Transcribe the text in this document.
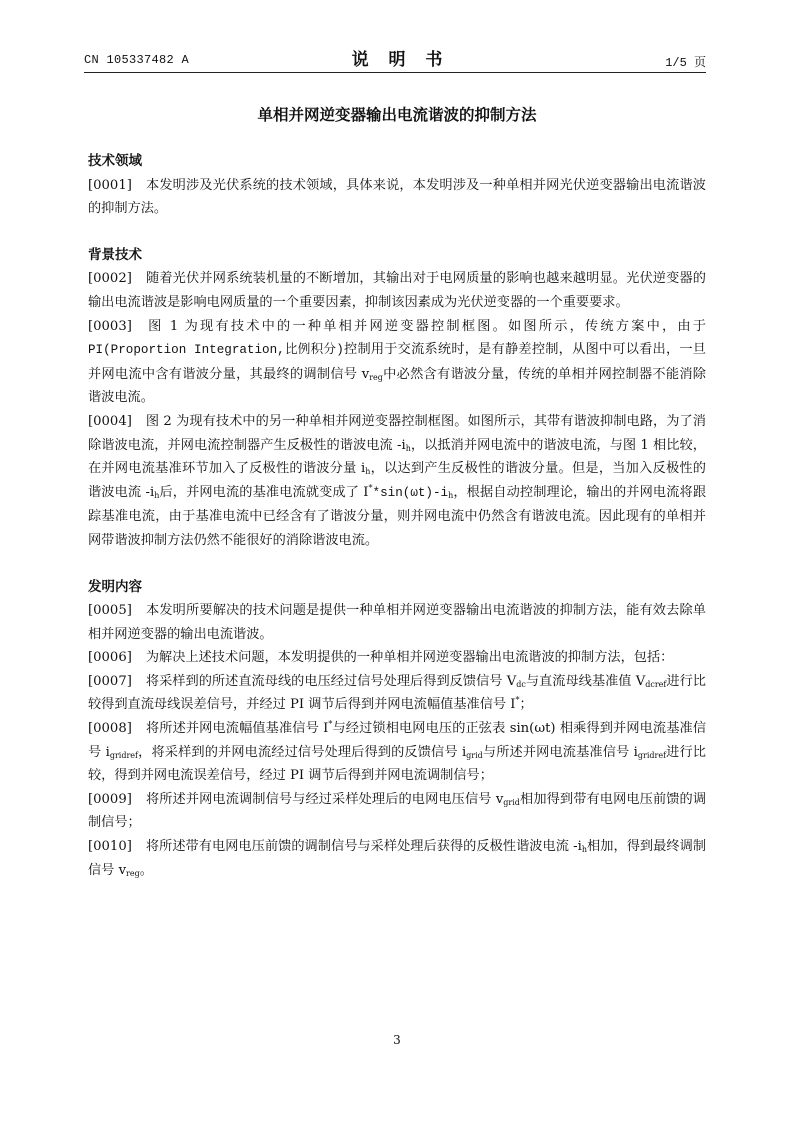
CN 105337482 A	说 明 书	1/5 页
单相并网逆变器输出电流谐波的抑制方法
技术领域

[0001] 本发明涉及光伏系统的技术领域，具体来说，本发明涉及一种单相并网光伏逆变器输出电流谐波的抑制方法。

背景技术

[0002] 随着光伏并网系统装机量的不断增加，其输出对于电网质量的影响也越来越明显。光伏逆变器的输出电流谐波是影响电网质量的一个重要因素，抑制该因素成为光伏逆变器的一个重要要求。

[0003] 图 1 为现有技术中的一种单相并网逆变器控制框图。如图所示，传统方案中，由于PI(Proportion Integration,比例积分)控制用于交流系统时，是有静差控制，从图中可以看出，一旦并网电流中含有谐波分量，其最终的调制信号 $v_{reg}$中必然含有谐波分量，传统的单相并网控制器不能消除谐波电流。

[0004] 图 2 为现有技术中的另一种单相并网逆变器控制框图。如图所示，其带有谐波抑制电路，为了消除谐波电流，并网电流控制器产生反极性的谐波电流 $-i_h$，以抵消并网电流中的谐波电流，与图 1 相比较，在并网电流基准环节加入了反极性的谐波分量 $i_h$，以达到产生反极性的谐波分量。但是，当加入反极性的谐波电流 $-i_h$后，并网电流的基准电流就变成了 $I^**\sin(\omega t)-i_h$，根据自动控制理论，输出的并网电流将跟踪基准电流，由于基准电流中已经含有了谐波分量，则并网电流中仍然含有谐波电流。因此现有的单相并网带谐波抑制方法仍然不能很好的消除谐波电流。

发明内容

[0005] 本发明所要解决的技术问题是提供一种单相并网逆变器输出电流谐波的抑制方法，能有效去除单相并网逆变器的输出电流谐波。

[0006] 为解决上述技术问题，本发明提供的一种单相并网逆变器输出电流谐波的抑制方法，包括：

[0007] 将采样到的所述直流母线的电压经过信号处理后得到反馈信号 $V_{dc}$与直流母线基准值 $V_{dcref}$进行比较得到直流母线误差信号，并经过 PI 调节后得到并网电流幅值基准信号 I*；

[0008] 将所述并网电流幅值基准信号 I*与经过锁相电网电压的正弦表 sin(ωt) 相乘得到并网电流基准信号 $i_{gridref}$，将采样到的并网电流经过信号处理后得到的反馈信号 $i_{grid}$与所述并网电流基准信号 $i_{gridref}$进行比较，得到并网电流误差信号，经过 PI 调节后得到并网电流调制信号；

[0009] 将所述并网电流调制信号与经过采样处理后的电网电压信号 $v_{grid}$相加得到带有电网电压前馈的调制信号；

[0010] 将所述带有电网电压前馈的调制信号与采样处理后获得的反极性谐波电流 $-i_h$相加，得到最终调制信号 $v_{reg}$。

3
